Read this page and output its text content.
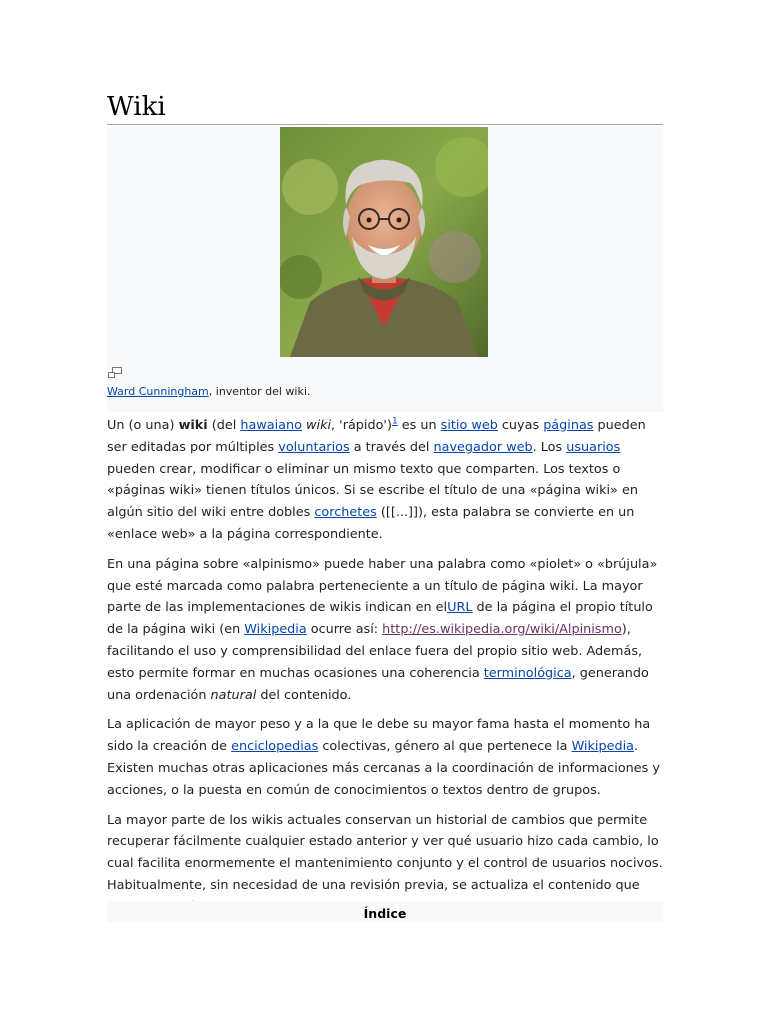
Wiki
Ward Cunningham, inventor del wiki.

Un (o una) wiki (del hawaiano wiki, 'rápido')$^1$ es un sitio web cuyas páginas pueden ser editadas por múltiples voluntarios a través del navegador web. Los usuarios pueden crear, modificar o eliminar un mismo texto que comparten. Los textos o «páginas wiki» tienen títulos únicos. Si se escribe el título de una «página wiki» en algún sitio del wiki entre dobles corchetes ([[...]]), esta palabra se convierte en un «enlace web» a la página correspondiente.

En una página sobre «alpinismo» puede haber una palabra como «piolet» o «brújula» que esté marcada como palabra perteneciente a un título de página wiki. La mayor parte de las implementaciones de wikis indican en elURL de la página el propio título de la página wiki (en Wikipedia ocurre así: http://es.wikipedia.org/wiki/Alpinismo), facilitando el uso y comprensibilidad del enlace fuera del propio sitio web. Además, esto permite formar en muchas ocasiones una coherencia terminológica, generando una ordenación natural del contenido.

La aplicación de mayor peso y a la que le debe su mayor fama hasta el momento ha sido la creación de enciclopedias colectivas, género al que pertenece la Wikipedia. Existen muchas otras aplicaciones más cercanas a la coordinación de informaciones y acciones, o la puesta en común de conocimientos o textos dentro de grupos.

La mayor parte de los wikis actuales conservan un historial de cambios que permite recuperar fácilmente cualquier estado anterior y ver qué usuario hizo cada cambio, lo cual facilita enormemente el mantenimiento conjunto y el control de usuarios nocivos. Habitualmente, sin necesidad de una revisión previa, se actualiza el contenido que

Índice
